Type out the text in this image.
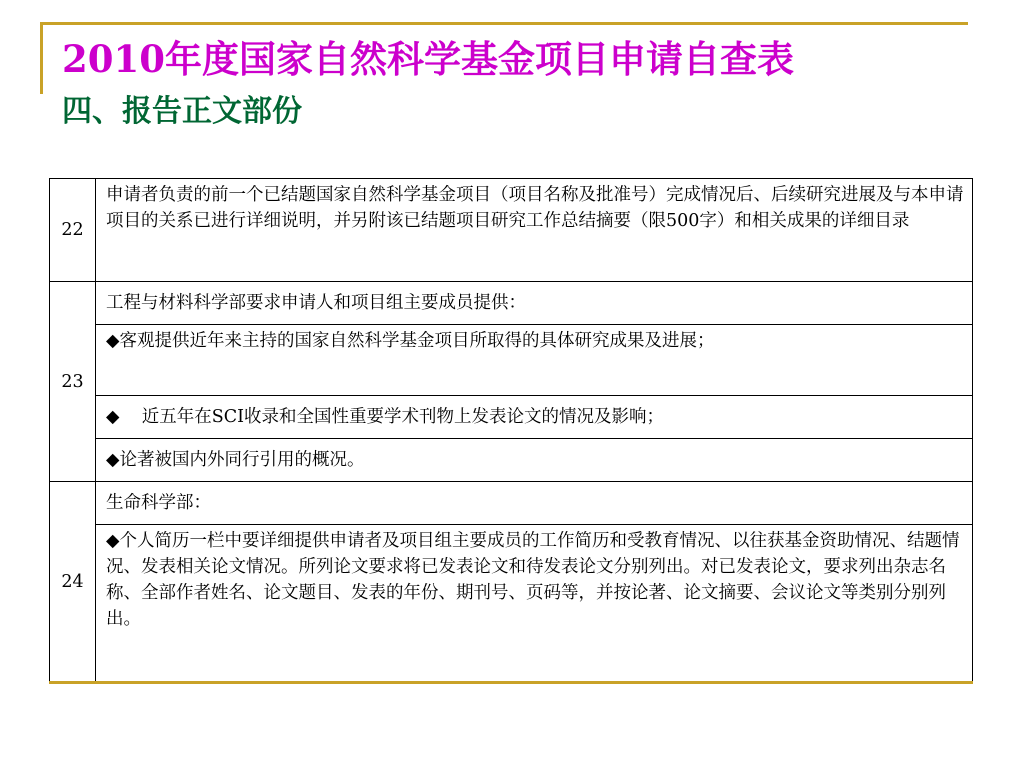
2010年度国家自然科学基金项目申请自查表
四、报告正文部份
22	申请者负责的前一个已结题国家自然科学基金项目（项目名称及批准号）完成情况后、后续研究进展及与本申请项目的关系已进行详细说明，并另附该已结题项目研究工作总结摘要（限500字）和相关成果的详细目录
23	工程与材料科学部要求申请人和项目组主要成员提供：
	◆客观提供近年来主持的国家自然科学基金项目所取得的具体研究成果及进展；
	◆    近五年在SCI收录和全国性重要学术刊物上发表论文的情况及影响；
	◆论著被国内外同行引用的概况。
24	生命科学部：
	◆个人简历一栏中要详细提供申请者及项目组主要成员的工作简历和受教育情况、以往获基金资助情况、结题情况、发表相关论文情况。所列论文要求将已发表论文和待发表论文分别列出。对已发表论文，要求列出杂志名称、全部作者姓名、论文题目、发表的年份、期刊号、页码等，并按论著、论文摘要、会议论文等类别分别列出。
